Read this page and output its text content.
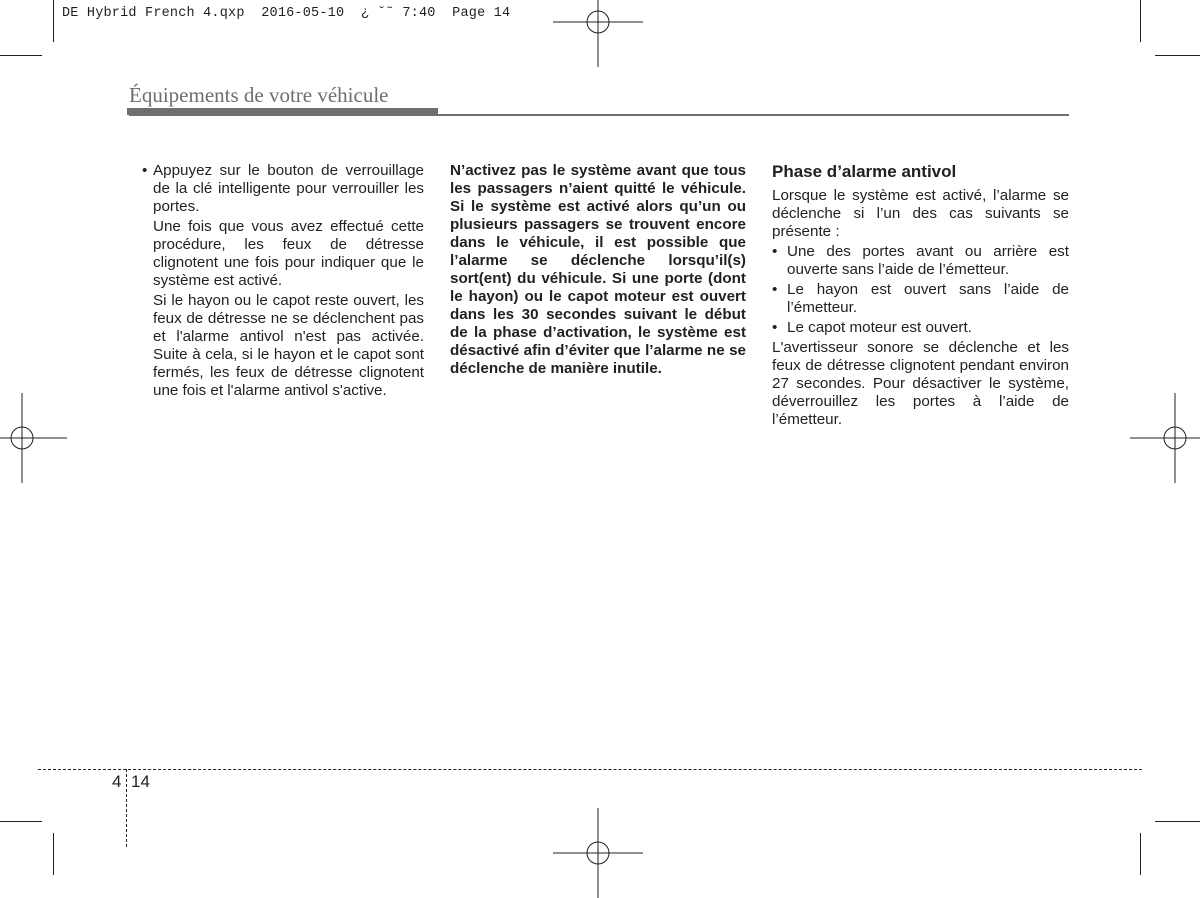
DE Hybrid French 4.qxp  2016-05-10  ¿ ˘˜ 7:40  Page 14
Équipements de votre véhicule
• Appuyez sur le bouton de verrouillage de la clé intelligente pour verrouiller les portes.

Une fois que vous avez effectué cette procédure, les feux de détresse clignotent une fois pour indiquer que le système est activé.

Si le hayon ou le capot reste ouvert, les feux de détresse ne se déclenchent pas et l'alarme antivol n'est pas activée. Suite à cela, si le hayon et le capot sont fermés, les feux de détresse clignotent une fois et l'alarme antivol s'active.

N’activez pas le système avant que tous les passagers n’aient quitté le véhicule. Si le système est activé alors qu’un ou plusieurs passagers se trouvent encore dans le véhicule, il est possible que l’alarme se déclenche lorsqu’il(s) sort(ent) du véhicule. Si une porte (dont le hayon) ou le capot moteur est ouvert dans les 30 secondes suivant le début de la phase d’activation, le système est désactivé afin d’éviter que l’alarme ne se déclenche de manière inutile.

Phase d’alarme antivol

Lorsque le système est activé, l’alarme se déclenche si l’un des cas suivants se présente :

• Une des portes avant ou arrière est ouverte sans l’aide de l’émetteur.
• Le hayon est ouvert sans l’aide de l’émetteur.
• Le capot moteur est ouvert.

L'avertisseur sonore se déclenche et les feux de détresse clignotent pendant environ 27 secondes. Pour désactiver le système, déverrouillez les portes à l’aide de l’émetteur.

4 14
